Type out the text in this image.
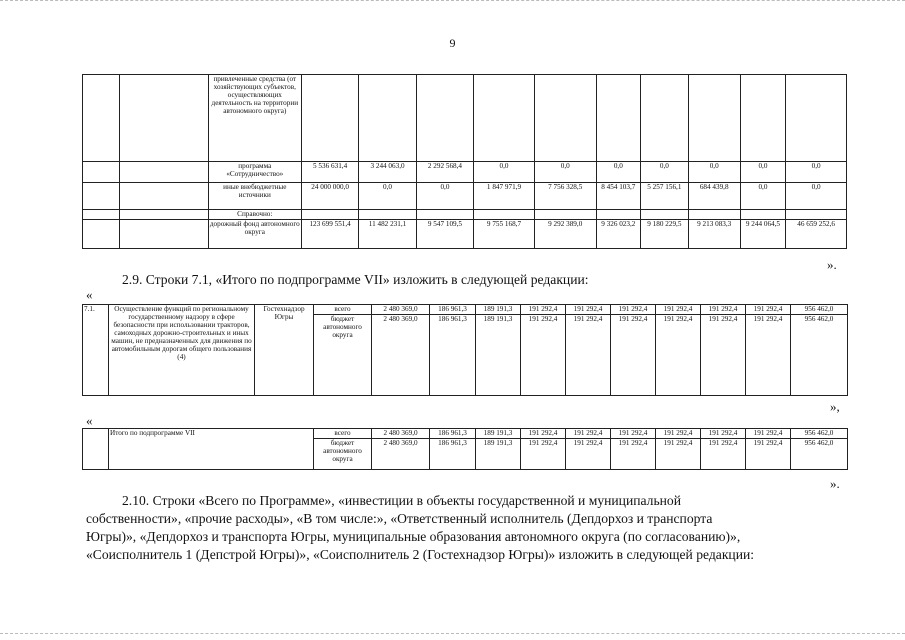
9
		привлеченные средства (от хозяйствующих субъектов, осуществляющих деятельность на территории автономного округа)										
		программа «Сотрудничество»	5 536 631,4	3 244 063,0	2 292 568,4	0,0	0,0	0,0	0,0	0,0	0,0	0,0
		иные внебюджетные источники	24 000 000,0	0,0	0,0	1 847 971,9	7 756 328,5	8 454 103,7	5 257 156,1	684 439,8	0,0	0,0
		Справочно:										
		дорожный фонд автономного округа	123 699 551,4	11 482 231,1	9 547 109,5	9 755 168,7	9 292 389,0	9 326 023,2	9 180 229,5	9 213 083,3	9 244 064,5	46 659 252,6
».
2.9. Строки 7.1, «Итого по подпрограмме VII» изложить в следующей редакции:
«
7.1.	Осуществление функций по региональному государственному надзору в сфере безопасности при использовании тракторов, самоходных дорожно-строительных и иных машин, не предназначенных для движения по автомобильным дорогам общего пользования (4)	Гостехнадзор Югры	всего	2 480 369,0	186 961,3	189 191,3	191 292,4	191 292,4	191 292,4	191 292,4	191 292,4	191 292,4	956 462,0
			бюджет автономного округа	2 480 369,0	186 961,3	189 191,3	191 292,4	191 292,4	191 292,4	191 292,4	191 292,4	191 292,4	956 462,0
»,
«
	Итого по подпрограмме VII	всего	2 480 369,0	186 961,3	189 191,3	191 292,4	191 292,4	191 292,4	191 292,4	191 292,4	191 292,4	956 462,0
		бюджет автономного округа	2 480 369,0	186 961,3	189 191,3	191 292,4	191 292,4	191 292,4	191 292,4	191 292,4	191 292,4	956 462,0
».
2.10. Строки «Всего по Программе», «инвестиции в объекты государственной и муниципальной
собственности», «прочие расходы», «В том числе:», «Ответственный исполнитель (Депдорхоз и транспорта
Югры)», «Депдорхоз и транспорта Югры, муниципальные образования автономного округа (по согласованию)»,
«Соисполнитель 1 (Депстрой Югры)», «Соисполнитель 2 (Гостехнадзор Югры)» изложить в следующей редакции:
